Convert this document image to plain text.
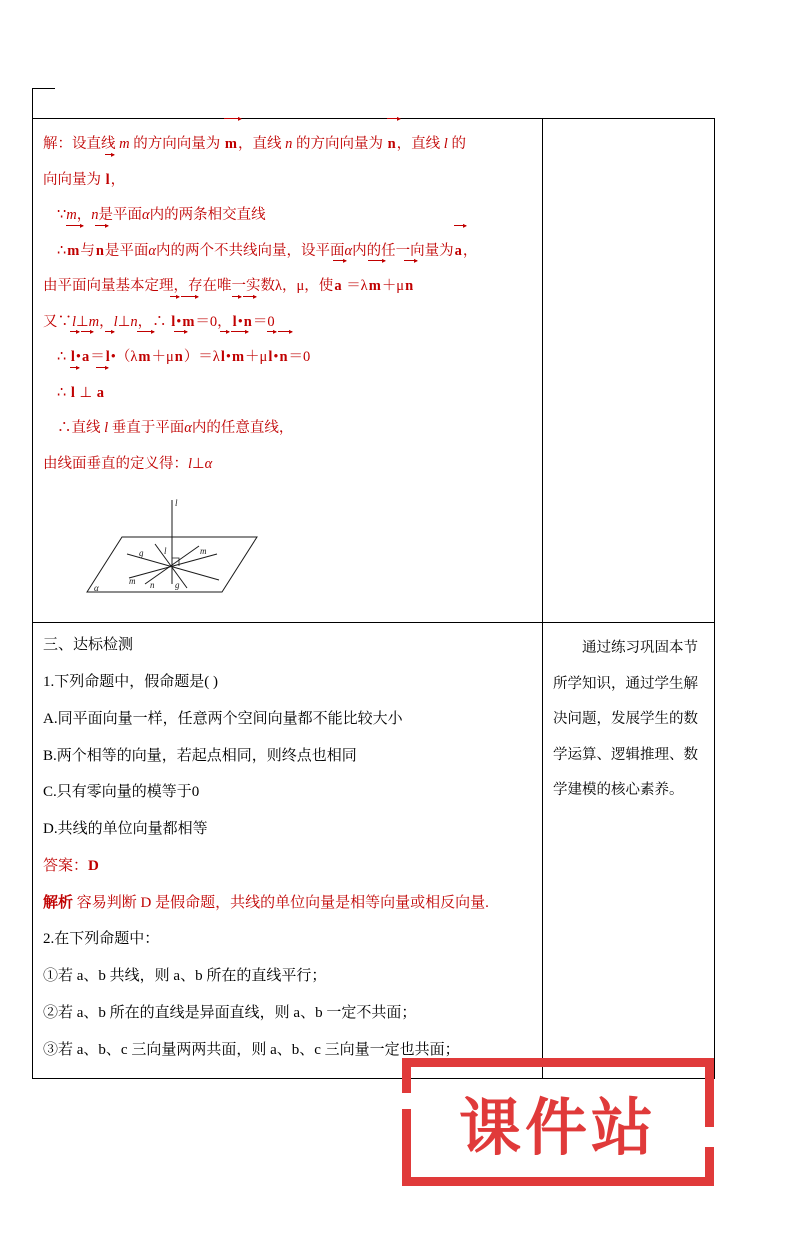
解：设直线 m 的方向向量为 m，直线 n 的方向向量为 n，直线 l 的
向向量为 l，
∵m，n是平面α内的两条相交直线
∴m与n是平面α内的两个不共线向量，设平面α内的任一向量为a，
由平面向量基本定理，存在唯一实数λ，μ，使a ＝λm＋μn
又∵l⊥m，l⊥n，∴ l•m＝0，l•n＝0
∴ l•a＝l•（λm＋μn）＝λl•m＋μl•n＝0
∴ l ⊥ a
∴直线 l 垂直于平面α内的任意直线，
由线面垂直的定义得：l⊥α
l
g l	m
m n g
α

三、达标检测
1.下列命题中，假命题是( )
A.同平面向量一样，任意两个空间向量都不能比较大小
B.两个相等的向量，若起点相同，则终点也相同
C.只有零向量的模等于0
D.共线的单位向量都相等
答案：D
解析 容易判断 D 是假命题，共线的单位向量是相等向量或相反向量.
2.在下列命题中：
①若 a、b 共线，则 a、b 所在的直线平行；
②若 a、b 所在的直线是异面直线，则 a、b 一定不共面；
③若 a、b、c 三向量两两共面，则 a、b、c 三向量一定也共面；

通过练习巩固本节所学知识，通过学生解决问题，发展学生的数学运算、逻辑推理、数学建模的核心素养。
课件站
